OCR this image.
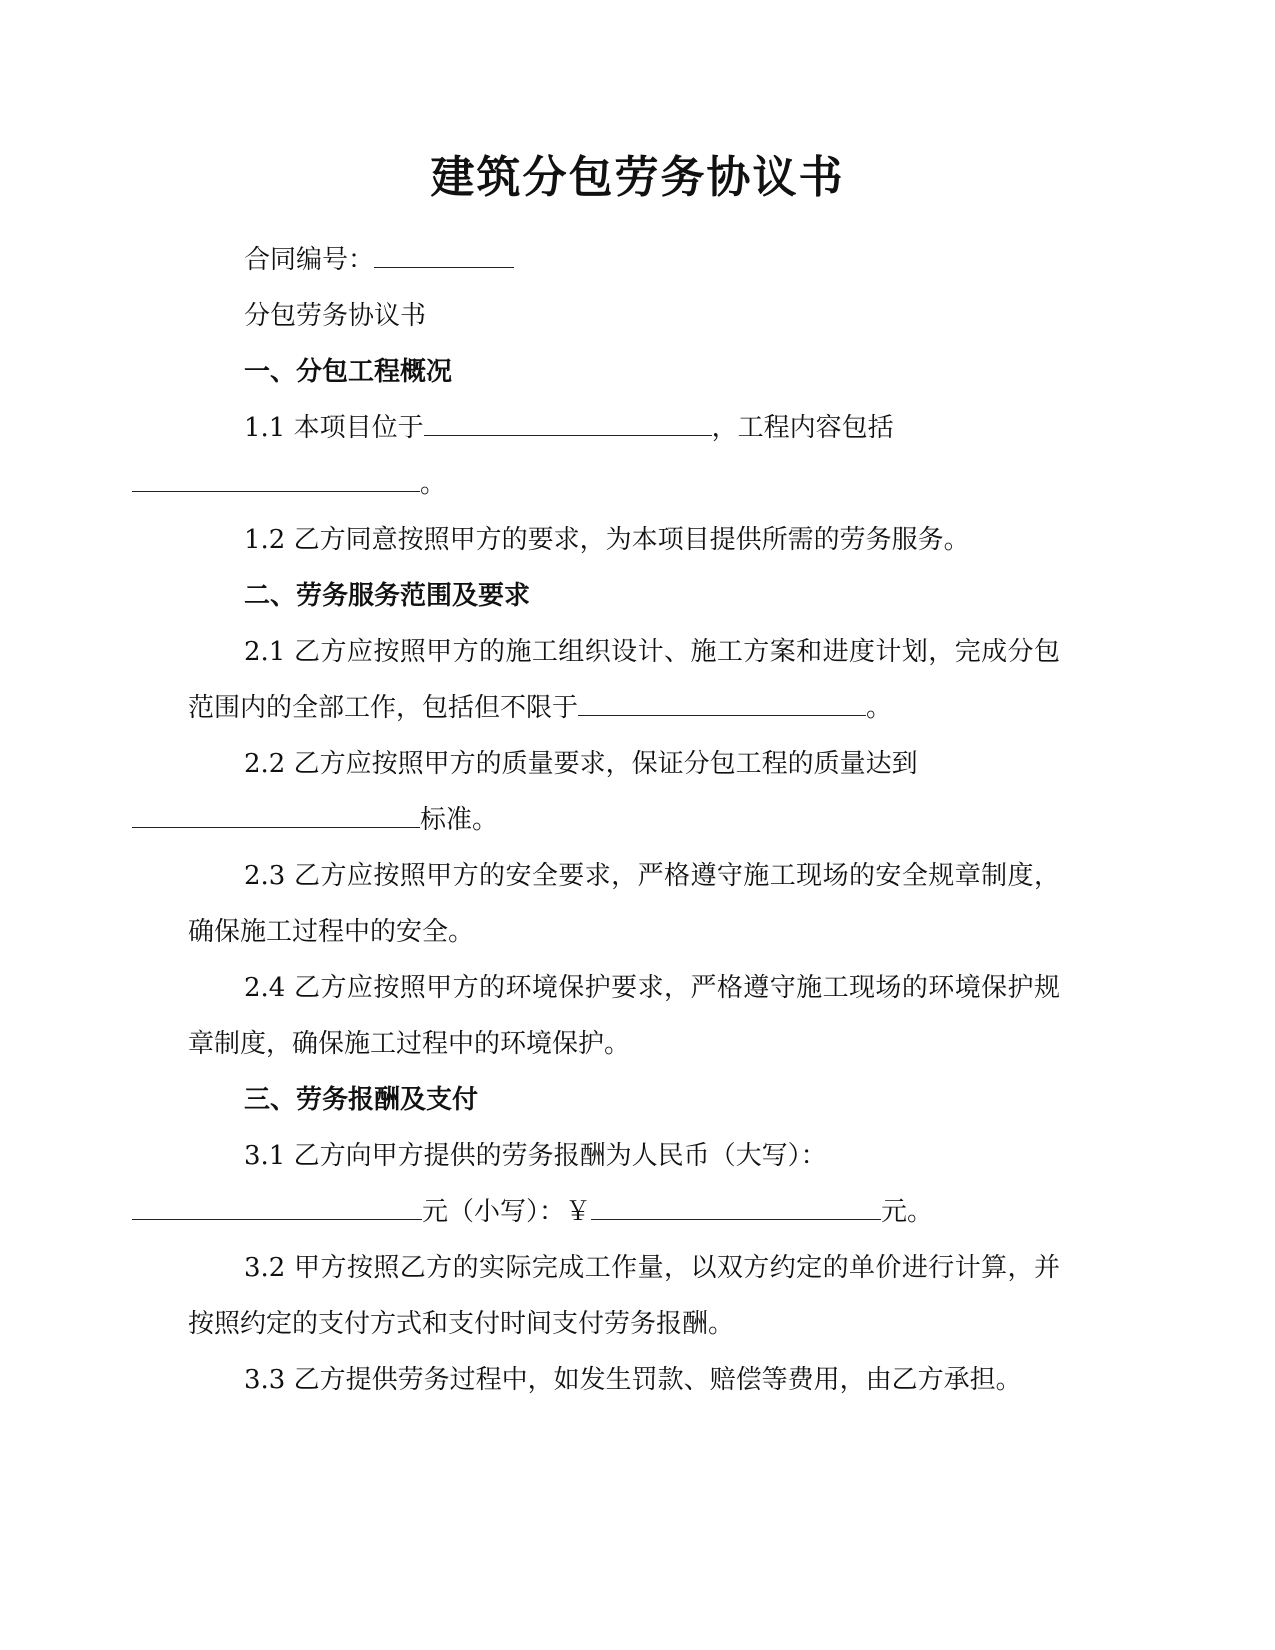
建筑分包劳务协议书

合同编号：

分包劳务协议书

一、分包工程概况

1.1 本项目位于	，工程内容包括
。

1.2 乙方同意按照甲方的要求，为本项目提供所需的劳务服务。

二、劳务服务范围及要求

2.1 乙方应按照甲方的施工组织设计、施工方案和进度计划，完成分包范围内的全部工作，包括但不限于	。

2.2 乙方应按照甲方的质量要求，保证分包工程的质量达到
标准。

2.3 乙方应按照甲方的安全要求，严格遵守施工现场的安全规章制度，确保施工过程中的安全。

2.4 乙方应按照甲方的环境保护要求，严格遵守施工现场的环境保护规章制度，确保施工过程中的环境保护。

三、劳务报酬及支付

3.1 乙方向甲方提供的劳务报酬为人民币（大写）：
元（小写）：￥	元。

3.2 甲方按照乙方的实际完成工作量，以双方约定的单价进行计算，并按照约定的支付方式和支付时间支付劳务报酬。

3.3 乙方提供劳务过程中，如发生罚款、赔偿等费用，由乙方承担。
